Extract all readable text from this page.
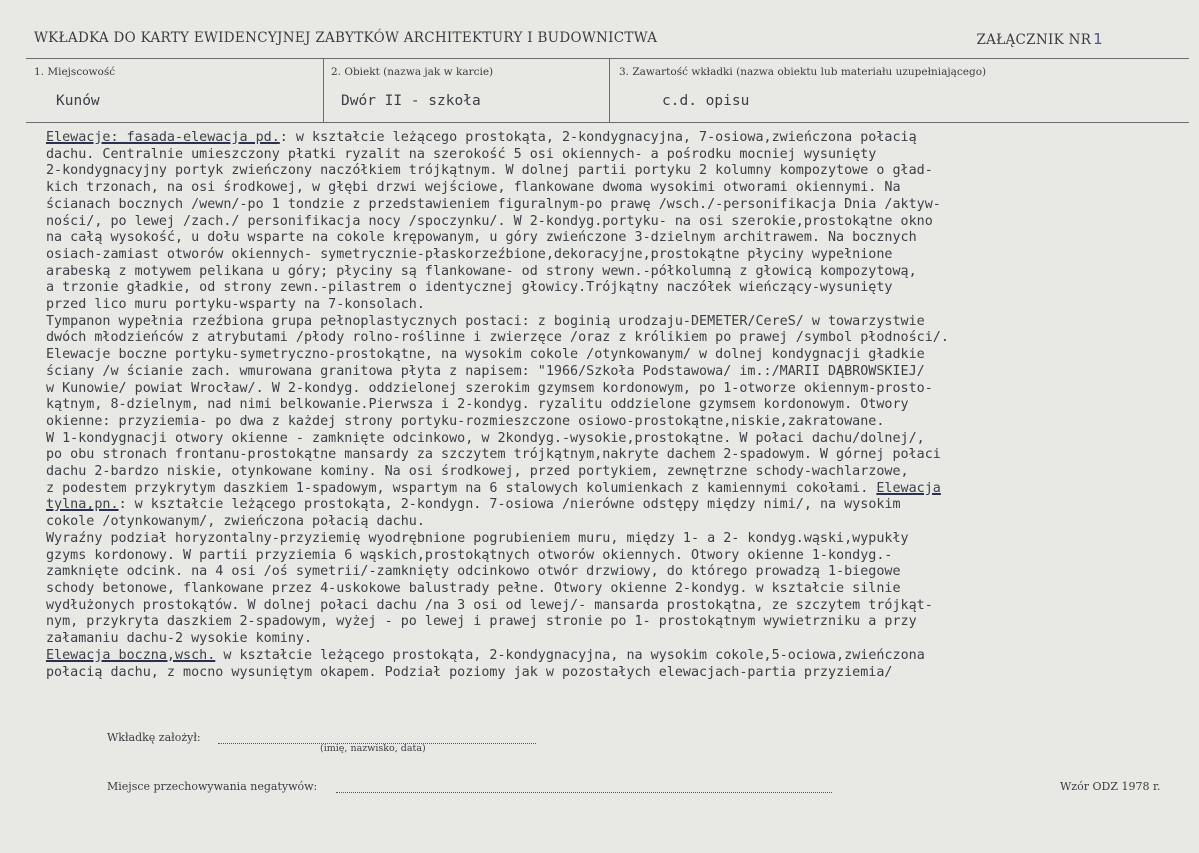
WKŁADKA DO KARTY EWIDENCYJNEJ ZABYTKÓW ARCHITEKTURY I BUDOWNICTWA	ZAŁĄCZNIK NR 1
1. Miejscowość
Kunów
2. Obiekt (nazwa jak w karcie)
Dwór II - szkoła
3. Zawartość wkładki (nazwa obiektu lub materiału uzupełniającego)
c.d. opisu
Elewacje: fasada-elewacja pd.: w kształcie leżącego prostokąta, 2-kondygnacyjna, 7-osiowa,zwieńczona połacią
dachu. Centralnie umieszczony płatki ryzalit na szerokość 5 osi okiennych- a pośrodku mocniej wysunięty
2-kondygnacyjny portyk zwieńczony naczółkiem trójkątnym. W dolnej partii portyku 2 kolumny kompozytowe o gład-
kich trzonach, na osi środkowej, w głębi drzwi wejściowe, flankowane dwoma wysokimi otworami okiennymi. Na
ścianach bocznych /wewn/-po 1 tondzie z przedstawieniem figuralnym-po prawę /wsch./-personifikacja Dnia /aktyw-
ności/, po lewej /zach./ personifikacja nocy /spoczynku/. W 2-kondyg.portyku- na osi szerokie,prostokątne okno
na całą wysokość, u dołu wsparte na cokole krępowanym, u góry zwieńczone 3-dzielnym architrawem. Na bocznych
osiach-zamiast otworów okiennych- symetrycznie-płaskorzeźbione,dekoracyjne,prostokątne płyciny wypełnione
arabeską z motywem pelikana u góry; płyciny są flankowane- od strony wewn.-półkolumną z głowicą kompozytową,
a trzonie gładkie, od strony zewn.-pilastrem o identycznej głowicy.Trójkątny naczółek wieńczący-wysunięty
przed lico muru portyku-wsparty na 7-konsolach.
Tympanon wypełnia rzeźbiona grupa pełnoplastycznych postaci: z boginią urodzaju-DEMETER/CereS/ w towarzystwie
dwóch młodzieńców z atrybutami /płody rolno-roślinne i zwierzęce /oraz z królikiem po prawej /symbol płodności/.
Elewacje boczne portyku-symetryczno-prostokątne, na wysokim cokole /otynkowanym/ w dolnej kondygnacji gładkie
ściany /w ścianie zach. wmurowana granitowa płyta z napisem: "1966/Szkoła Podstawowa/ im.:/MARII DĄBROWSKIEJ/
w Kunowie/ powiat Wrocław/. W 2-kondyg. oddzielonej szerokim gzymsem kordonowym, po 1-otworze okiennym-prosto-
kątnym, 8-dzielnym, nad nimi belkowanie.Pierwsza i 2-kondyg. ryzalitu oddzielone gzymsem kordonowym. Otwory
okienne: przyziemia- po dwa z każdej strony portyku-rozmieszczone osiowo-prostokątne,niskie,zakratowane.
W 1-kondygnacji otwory okienne - zamknięte odcinkowo, w 2kondyg.-wysokie,prostokątne. W połaci dachu/dolnej/,
po obu stronach frontanu-prostokątne mansardy za szczytem trójkątnym,nakryte dachem 2-spadowym. W górnej połaci
dachu 2-bardzo niskie, otynkowane kominy. Na osi środkowej, przed portykiem, zewnętrzne schody-wachlarzowe,
z podestem przykrytym daszkiem 1-spadowym, wspartym na 6 stalowych kolumienkach z kamiennymi cokołami. Elewacja
tylna,pn.: w kształcie leżącego prostokąta, 2-kondygn. 7-osiowa /nierówne odstępy między nimi/, na wysokim
cokole /otynkowanym/, zwieńczona połacią dachu.
Wyraźny podział horyzontalny-przyziemię wyodrębnione pogrubieniem muru, między 1- a 2- kondyg.wąski,wypukły
gzyms kordonowy. W partii przyziemia 6 wąskich,prostokątnych otworów okiennych. Otwory okienne 1-kondyg.-
zamknięte odcink. na 4 osi /oś symetrii/-zamknięty odcinkowo otwór drzwiowy, do którego prowadzą 1-biegowe
schody betonowe, flankowane przez 4-uskokowe balustrady pełne. Otwory okienne 2-kondyg. w kształcie silnie
wydłużonych prostokątów. W dolnej połaci dachu /na 3 osi od lewej/- mansarda prostokątna, ze szczytem trójkąt-
nym, przykryta daszkiem 2-spadowym, wyżej - po lewej i prawej stronie po 1- prostokątnym wywietrzniku a przy
załamaniu dachu-2 wysokie kominy.
Elewacja boczna,wsch. w kształcie leżącego prostokąta, 2-kondygnacyjna, na wysokim cokole,5-ociowa,zwieńczona
połacią dachu, z mocno wysuniętym okapem. Podział poziomy jak w pozostałych elewacjach-partia przyziemia/
Wkładkę założył:
(imię, nazwisko, data)
Miejsce przechowywania negatywów:	Wzór ODZ 1978 r.
